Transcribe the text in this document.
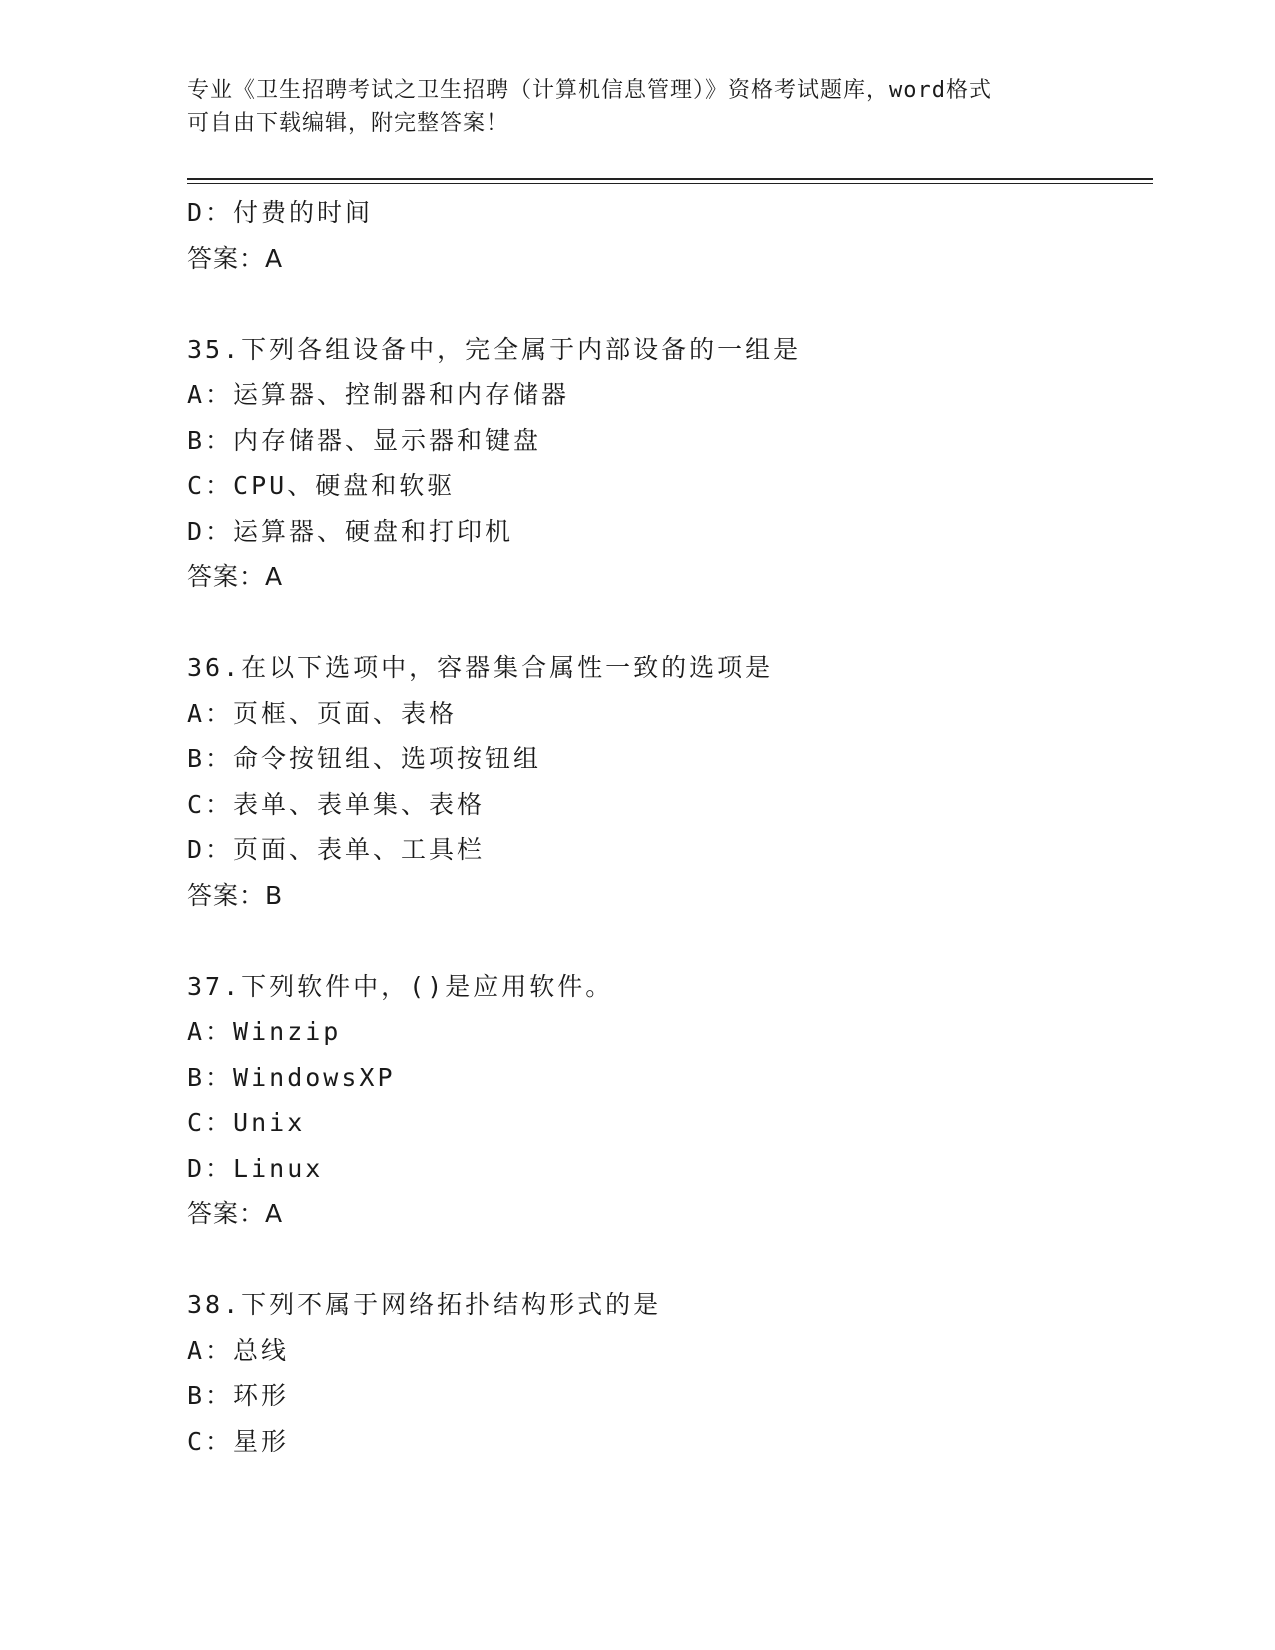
专业《卫生招聘考试之卫生招聘（计算机信息管理）》资格考试题库，word格式
可自由下载编辑，附完整答案！
D：付费的时间
答案：A
35.下列各组设备中，完全属于内部设备的一组是
A：运算器、控制器和内存储器
B：内存储器、显示器和键盘
C：CPU、硬盘和软驱
D：运算器、硬盘和打印机
答案：A
36.在以下选项中，容器集合属性一致的选项是
A：页框、页面、表格
B：命令按钮组、选项按钮组
C：表单、表单集、表格
D：页面、表单、工具栏
答案：B
37.下列软件中，()是应用软件。
A：Winzip
B：WindowsXP
C：Unix
D：Linux
答案：A
38.下列不属于网络拓扑结构形式的是
A：总线
B：环形
C：星形
